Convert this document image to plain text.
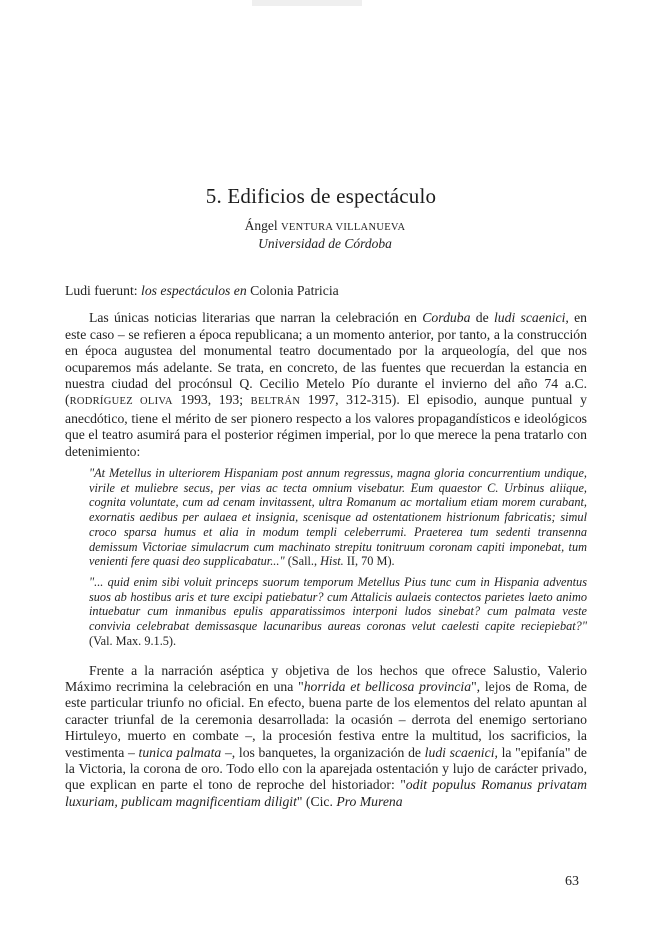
5. Edificios de espectáculo
Ángel VENTURA VILLANUEVA
Universidad de Córdoba
Ludi fuerunt: los espectáculos en Colonia Patricia

Las únicas noticias literarias que narran la celebración en Corduba de ludi scaenici, en este caso – se refieren a época republicana; a un momento anterior, por tanto, a la construcción en época augustea del monumental teatro documentado por la arqueología, del que nos ocuparemos más adelante. Se trata, en concreto, de las fuentes que recuerdan la estancia en nuestra ciudad del procónsul Q. Cecilio Metelo Pío durante el invierno del año 74 a.C. (RODRÍGUEZ OLIVA 1993, 193; BELTRÁN 1997, 312-315). El episodio, aunque puntual y anecdótico, tiene el mérito de ser pionero respecto a los valores propagandísticos e ideológicos que el teatro asumirá para el posterior régimen imperial, por lo que merece la pena tratarlo con detenimiento:

"At Metellus in ulteriorem Hispaniam post annum regressus, magna gloria concurrentium undique, virile et muliebre secus, per vias ac tecta omnium visebatur. Eum quaestor C. Urbinus aliique, cognita voluntate, cum ad cenam invitassent, ultra Romanum ac mortalium etiam morem curabant, exornatis aedibus per aulaea et insignia, scenisque ad ostentationem histrionum fabricatis; simul croco sparsa humus et alia in modum templi celeberrumi. Praeterea tum sedenti transenna demissum Victoriae simulacrum cum machinato strepitu tonitruum coronam capiti imponebat, tum venienti fere quasi deo supplicabatur..." (Sall., Hist. II, 70 M).

"... quid enim sibi voluit princeps suorum temporum Metellus Pius tunc cum in Hispania adventus suos ab hostibus aris et ture excipi patiebatur? cum Attalicis aulaeis contectos parietes laeto animo intuebatur cum inmanibus epulis apparatissimos interponi ludos sinebat? cum palmata veste convivia celebrabat demissasque lacunaribus aureas coronas velut caelesti capite reciepiebat?" (Val. Max. 9.1.5).

Frente a la narración aséptica y objetiva de los hechos que ofrece Salustio, Valerio Máximo recrimina la celebración en una "horrida et bellicosa provincia", lejos de Roma, de este particular triunfo no oficial. En efecto, buena parte de los elementos del relato apuntan al caracter triunfal de la ceremonia desarrollada: la ocasión – derrota del enemigo sertoriano Hirtuleyo, muerto en combate –, la procesión festiva entre la multitud, los sacrificios, la vestimenta – tunica palmata –, los banquetes, la organización de ludi scaenici, la "epifanía" de la Victoria, la corona de oro. Todo ello con la aparejada ostentación y lujo de carácter privado, que explican en parte el tono de reproche del historiador: "odit populus Romanus privatam luxuriam, publicam magnificentiam diligit" (Cic. Pro Murena

63
